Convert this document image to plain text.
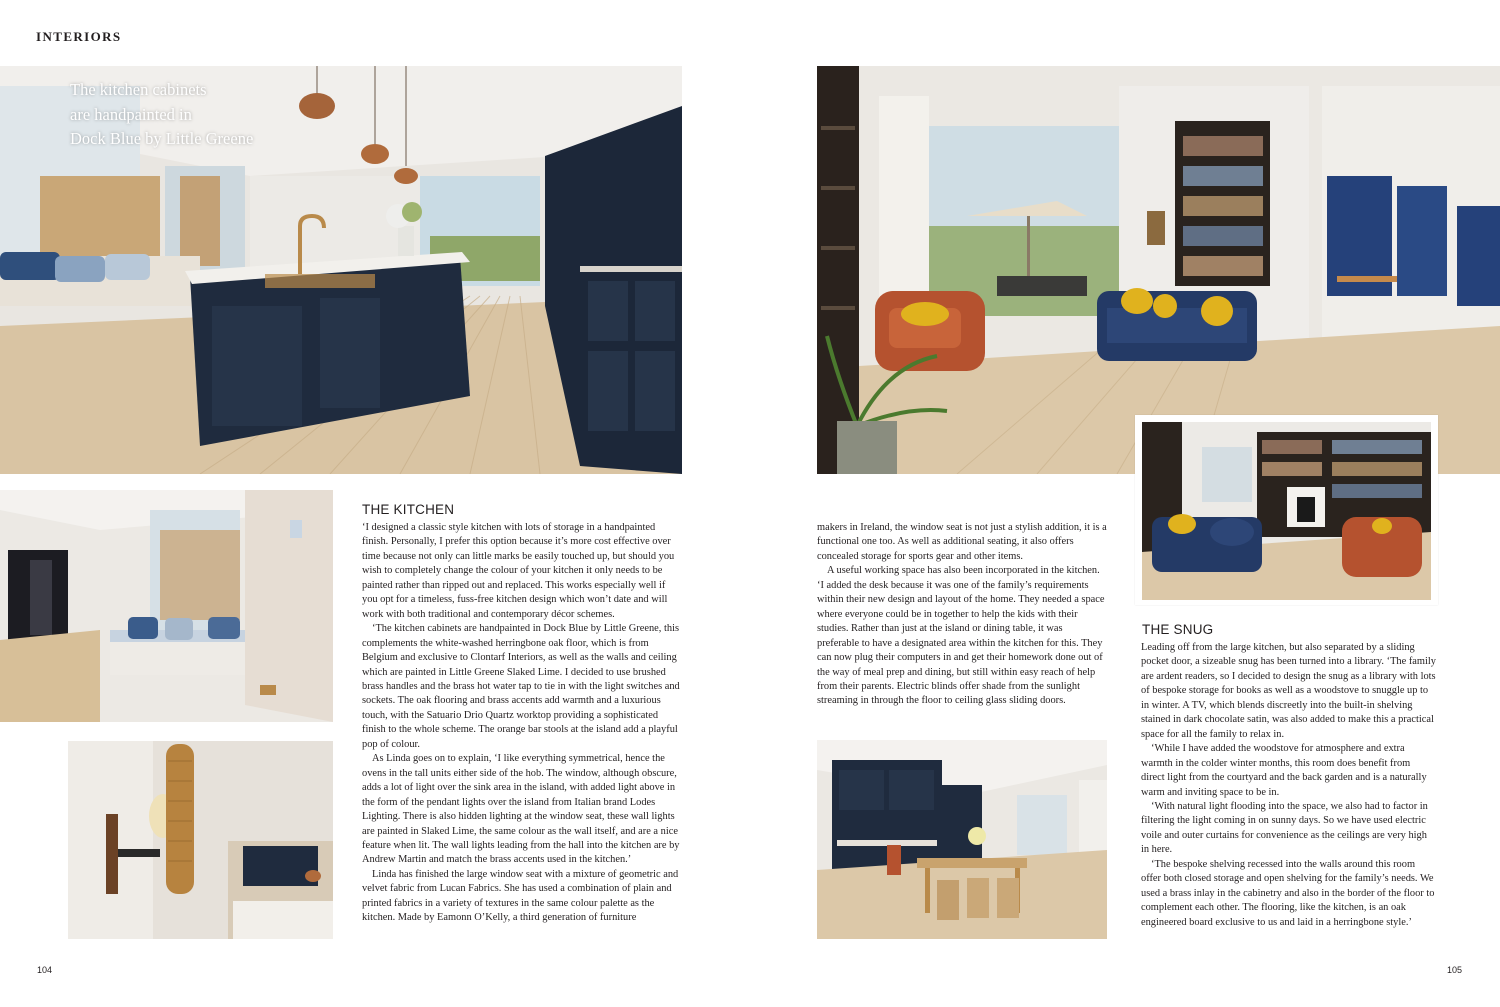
INTERIORS
The kitchen cabinets
are handpainted in
Dock Blue by Little Greene
THE KITCHEN

‘I designed a classic style kitchen with lots of storage in a handpainted finish. Personally, I prefer this option because it’s more cost effective over time because not only can little marks be easily touched up, but should you wish to completely change the colour of your kitchen it only needs to be painted rather than ripped out and replaced. This works especially well if you opt for a timeless, fuss-free kitchen design which won’t date and will work with both traditional and contemporary décor schemes.

‘The kitchen cabinets are handpainted in Dock Blue by Little Greene, this complements the white-washed herringbone oak floor, which is from Belgium and exclusive to Clontarf Interiors, as well as the walls and ceiling which are painted in Little Greene Slaked Lime. I decided to use brushed brass handles and the brass hot water tap to tie in with the light switches and sockets. The oak flooring and brass accents add warmth and a luxurious touch, with the Satuario Drio Quartz worktop providing a sophisticated finish to the whole scheme. The orange bar stools at the island add a playful pop of colour.

As Linda goes on to explain, ‘I like everything symmetrical, hence the ovens in the tall units either side of the hob. The window, although obscure, adds a lot of light over the sink area in the island, with added light above in the form of the pendant lights over the island from Italian brand Lodes Lighting. There is also hidden lighting at the window seat, these wall lights are painted in Slaked Lime, the same colour as the wall itself, and are a nice feature when lit. The wall lights leading from the hall into the kitchen are by Andrew Martin and match the brass accents used in the kitchen.’

Linda has finished the large window seat with a mixture of geometric and velvet fabric from Lucan Fabrics. She has used a combination of plain and printed fabrics in a variety of textures in the same colour palette as the kitchen. Made by Eamonn O’Kelly, a third generation of furniture

makers in Ireland, the window seat is not just a stylish addition, it is a functional one too. As well as additional seating, it also offers concealed storage for sports gear and other items.

A useful working space has also been incorporated in the kitchen. ‘I added the desk because it was one of the family’s requirements within their new design and layout of the home. They needed a space where everyone could be in together to help the kids with their studies. Rather than just at the island or dining table, it was preferable to have a designated area within the kitchen for this. They can now plug their computers in and get their homework done out of the way of meal prep and dining, but still within easy reach of help from their parents. Electric blinds offer shade from the sunlight streaming in through the floor to ceiling glass sliding doors.

THE SNUG

Leading off from the large kitchen, but also separated by a sliding pocket door, a sizeable snug has been turned into a library. ‘The family are ardent readers, so I decided to design the snug as a library with lots of bespoke storage for books as well as a woodstove to snuggle up to in winter. A TV, which blends discreetly into the built-in shelving stained in dark chocolate satin, was also added to make this a practical space for all the family to relax in.

‘While I have added the woodstove for atmosphere and extra warmth in the colder winter months, this room does benefit from direct light from the courtyard and the back garden and is a naturally warm and inviting space to be in.

‘With natural light flooding into the space, we also had to factor in filtering the light coming in on sunny days. So we have used electric voile and outer curtains for convenience as the ceilings are very high in here.

‘The bespoke shelving recessed into the walls around this room offer both closed storage and open shelving for the family’s needs. We used a brass inlay in the cabinetry and also in the border of the floor to complement each other. The flooring, like the kitchen, is an oak engineered board exclusive to us and laid in a herringbone style.’

104	105
